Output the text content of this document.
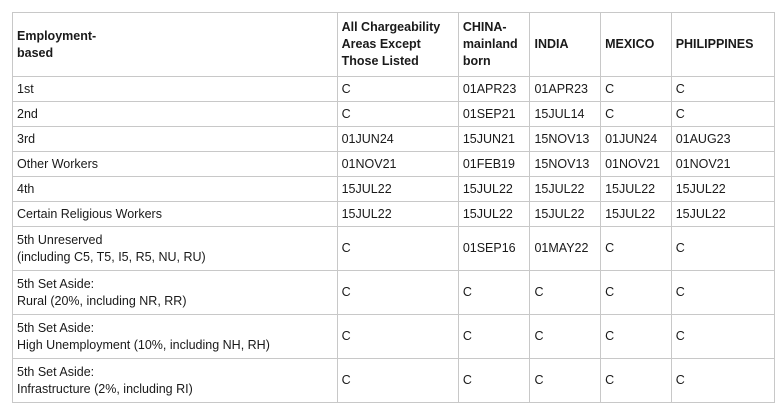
Employment-
based	All Chargeability
Areas Except
Those Listed	CHINA-
mainland
born	INDIA	MEXICO	PHILIPPINES
1st	C	01APR23	01APR23	C	C
2nd	C	01SEP21	15JUL14	C	C
3rd	01JUN24	15JUN21	15NOV13	01JUN24	01AUG23
Other Workers	01NOV21	01FEB19	15NOV13	01NOV21	01NOV21
4th	15JUL22	15JUL22	15JUL22	15JUL22	15JUL22
Certain Religious Workers	15JUL22	15JUL22	15JUL22	15JUL22	15JUL22
5th Unreserved
(including C5, T5, I5, R5, NU, RU)	C	01SEP16	01MAY22	C	C
5th Set Aside:
Rural (20%, including NR, RR)	C	C	C	C	C
5th Set Aside:
High Unemployment (10%, including NH, RH)	C	C	C	C	C
5th Set Aside:
Infrastructure (2%, including RI)	C	C	C	C	C
